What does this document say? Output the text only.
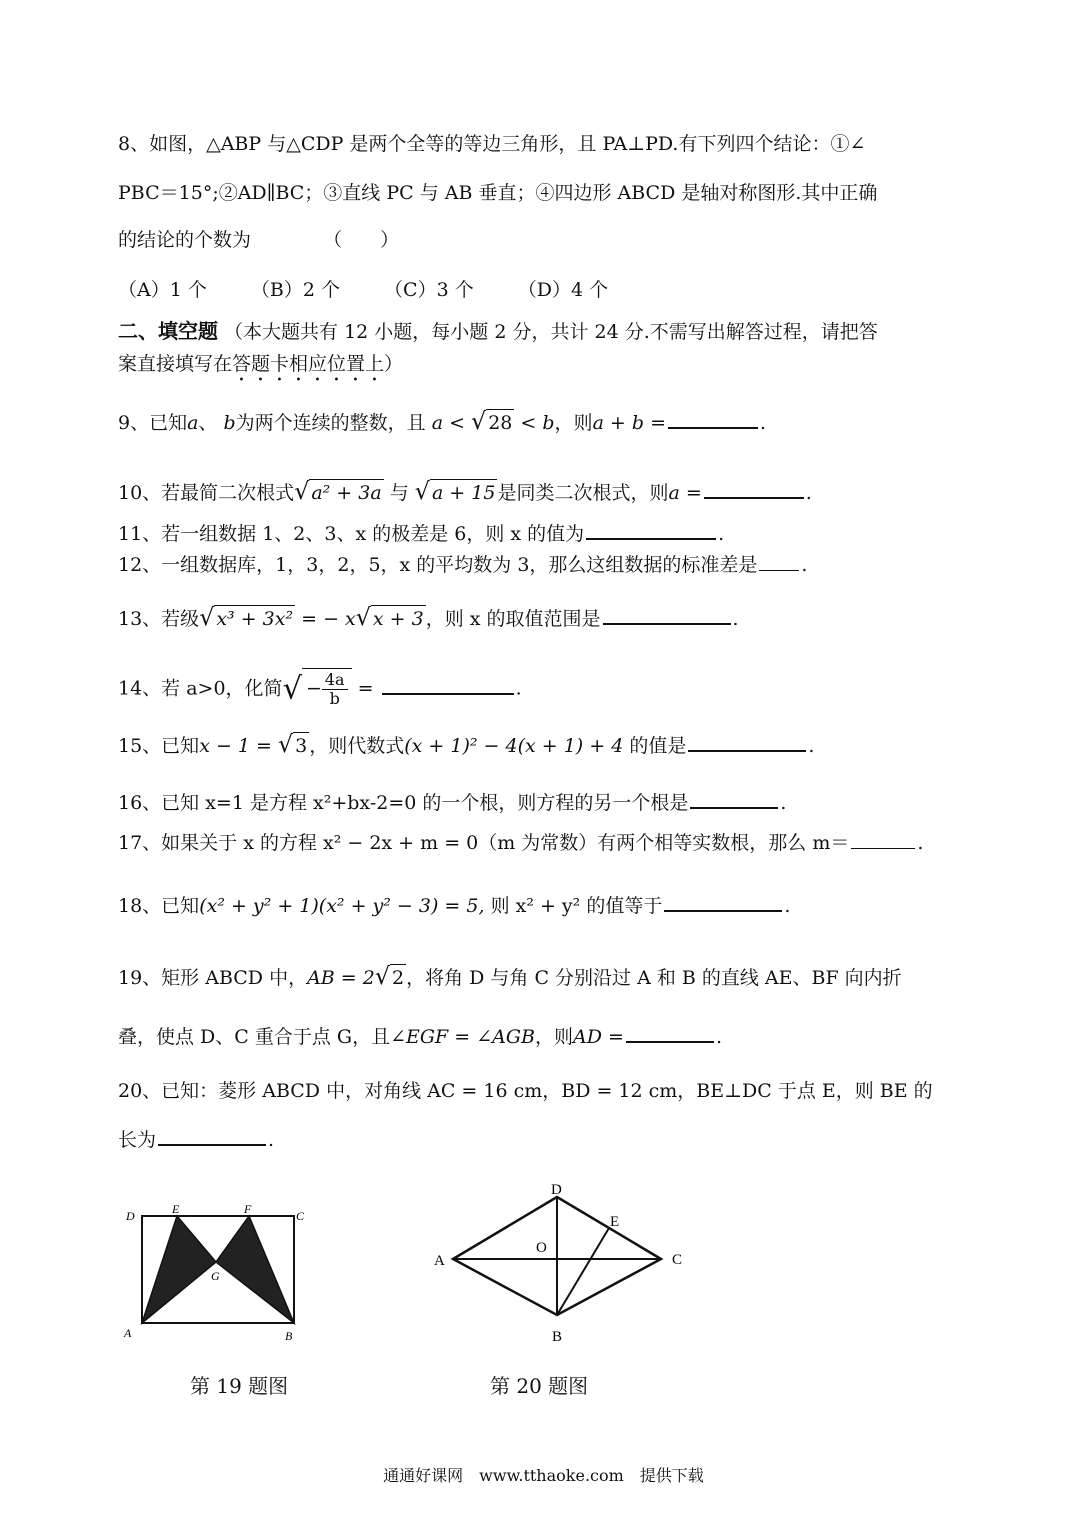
8、如图，△ABP 与△CDP 是两个全等的等边三角形，且 PA⊥PD.有下列四个结论：①∠
PBC＝15°;②AD∥BC；③直线 PC 与 AB 垂直；④四边形 ABCD 是轴对称图形.其中正确
的结论的个数为	（　　）
（A）1 个 （B）2 个 （C）3 个 （D）4 个
二、填空题 （本大题共有 12 小题，每小题 2 分，共计 24 分.不需写出解答过程，请把答
案直接填写在答题卡相应位置上）
9、已知a、 b为两个连续的整数，且 a < √ 28 < b，则a + b =	.
10、若最简二次根式√ a² + 3a 与 √ a + 15 是同类二次根式，则a =	.
11、若一组数据 1、2、3、x 的极差是 6，则 x 的值为	.
12、一组数据库，1，3，2，5，x 的平均数为 3，那么这组数据的标准差是 .
13、若级√ x³ + 3x² = − x√ x + 3 ，则 x 的取值范围是	.
14、若 a>0，化简√ − $\frac{4a}{b}$ =	.
15、已知x − 1 = √ 3 ，则代数式(x + 1)² − 4(x + 1) + 4 的值是	.
16、已知 x=1 是方程 x²+bx-2=0 的一个根，则方程的另一个根是	.
17、如果关于 x 的方程 x² − 2x + m = 0（m 为常数）有两个相等实数根，那么 m＝	.
18、已知(x² + y² + 1)(x² + y² − 3) = 5, 则 x² + y² 的值等于	.
19、矩形 ABCD 中，AB = 2√ 2 ，将角 D 与角 C 分别沿过 A 和 B 的直线 AE、BF 向内折
叠，使点 D、C 重合于点 G，且∠EGF = ∠AGB，则AD =	.
20、已知：菱形 ABCD 中，对角线 AC = 16 cm，BD = 12 cm，BE⊥DC 于点 E，则 BE 的
长为	.
D	E	F	C
G
A	B
第 19 题图
D
E
A
O
C
B
第 20 题图
通通好课网　www.tthaoke.com　提供下载
